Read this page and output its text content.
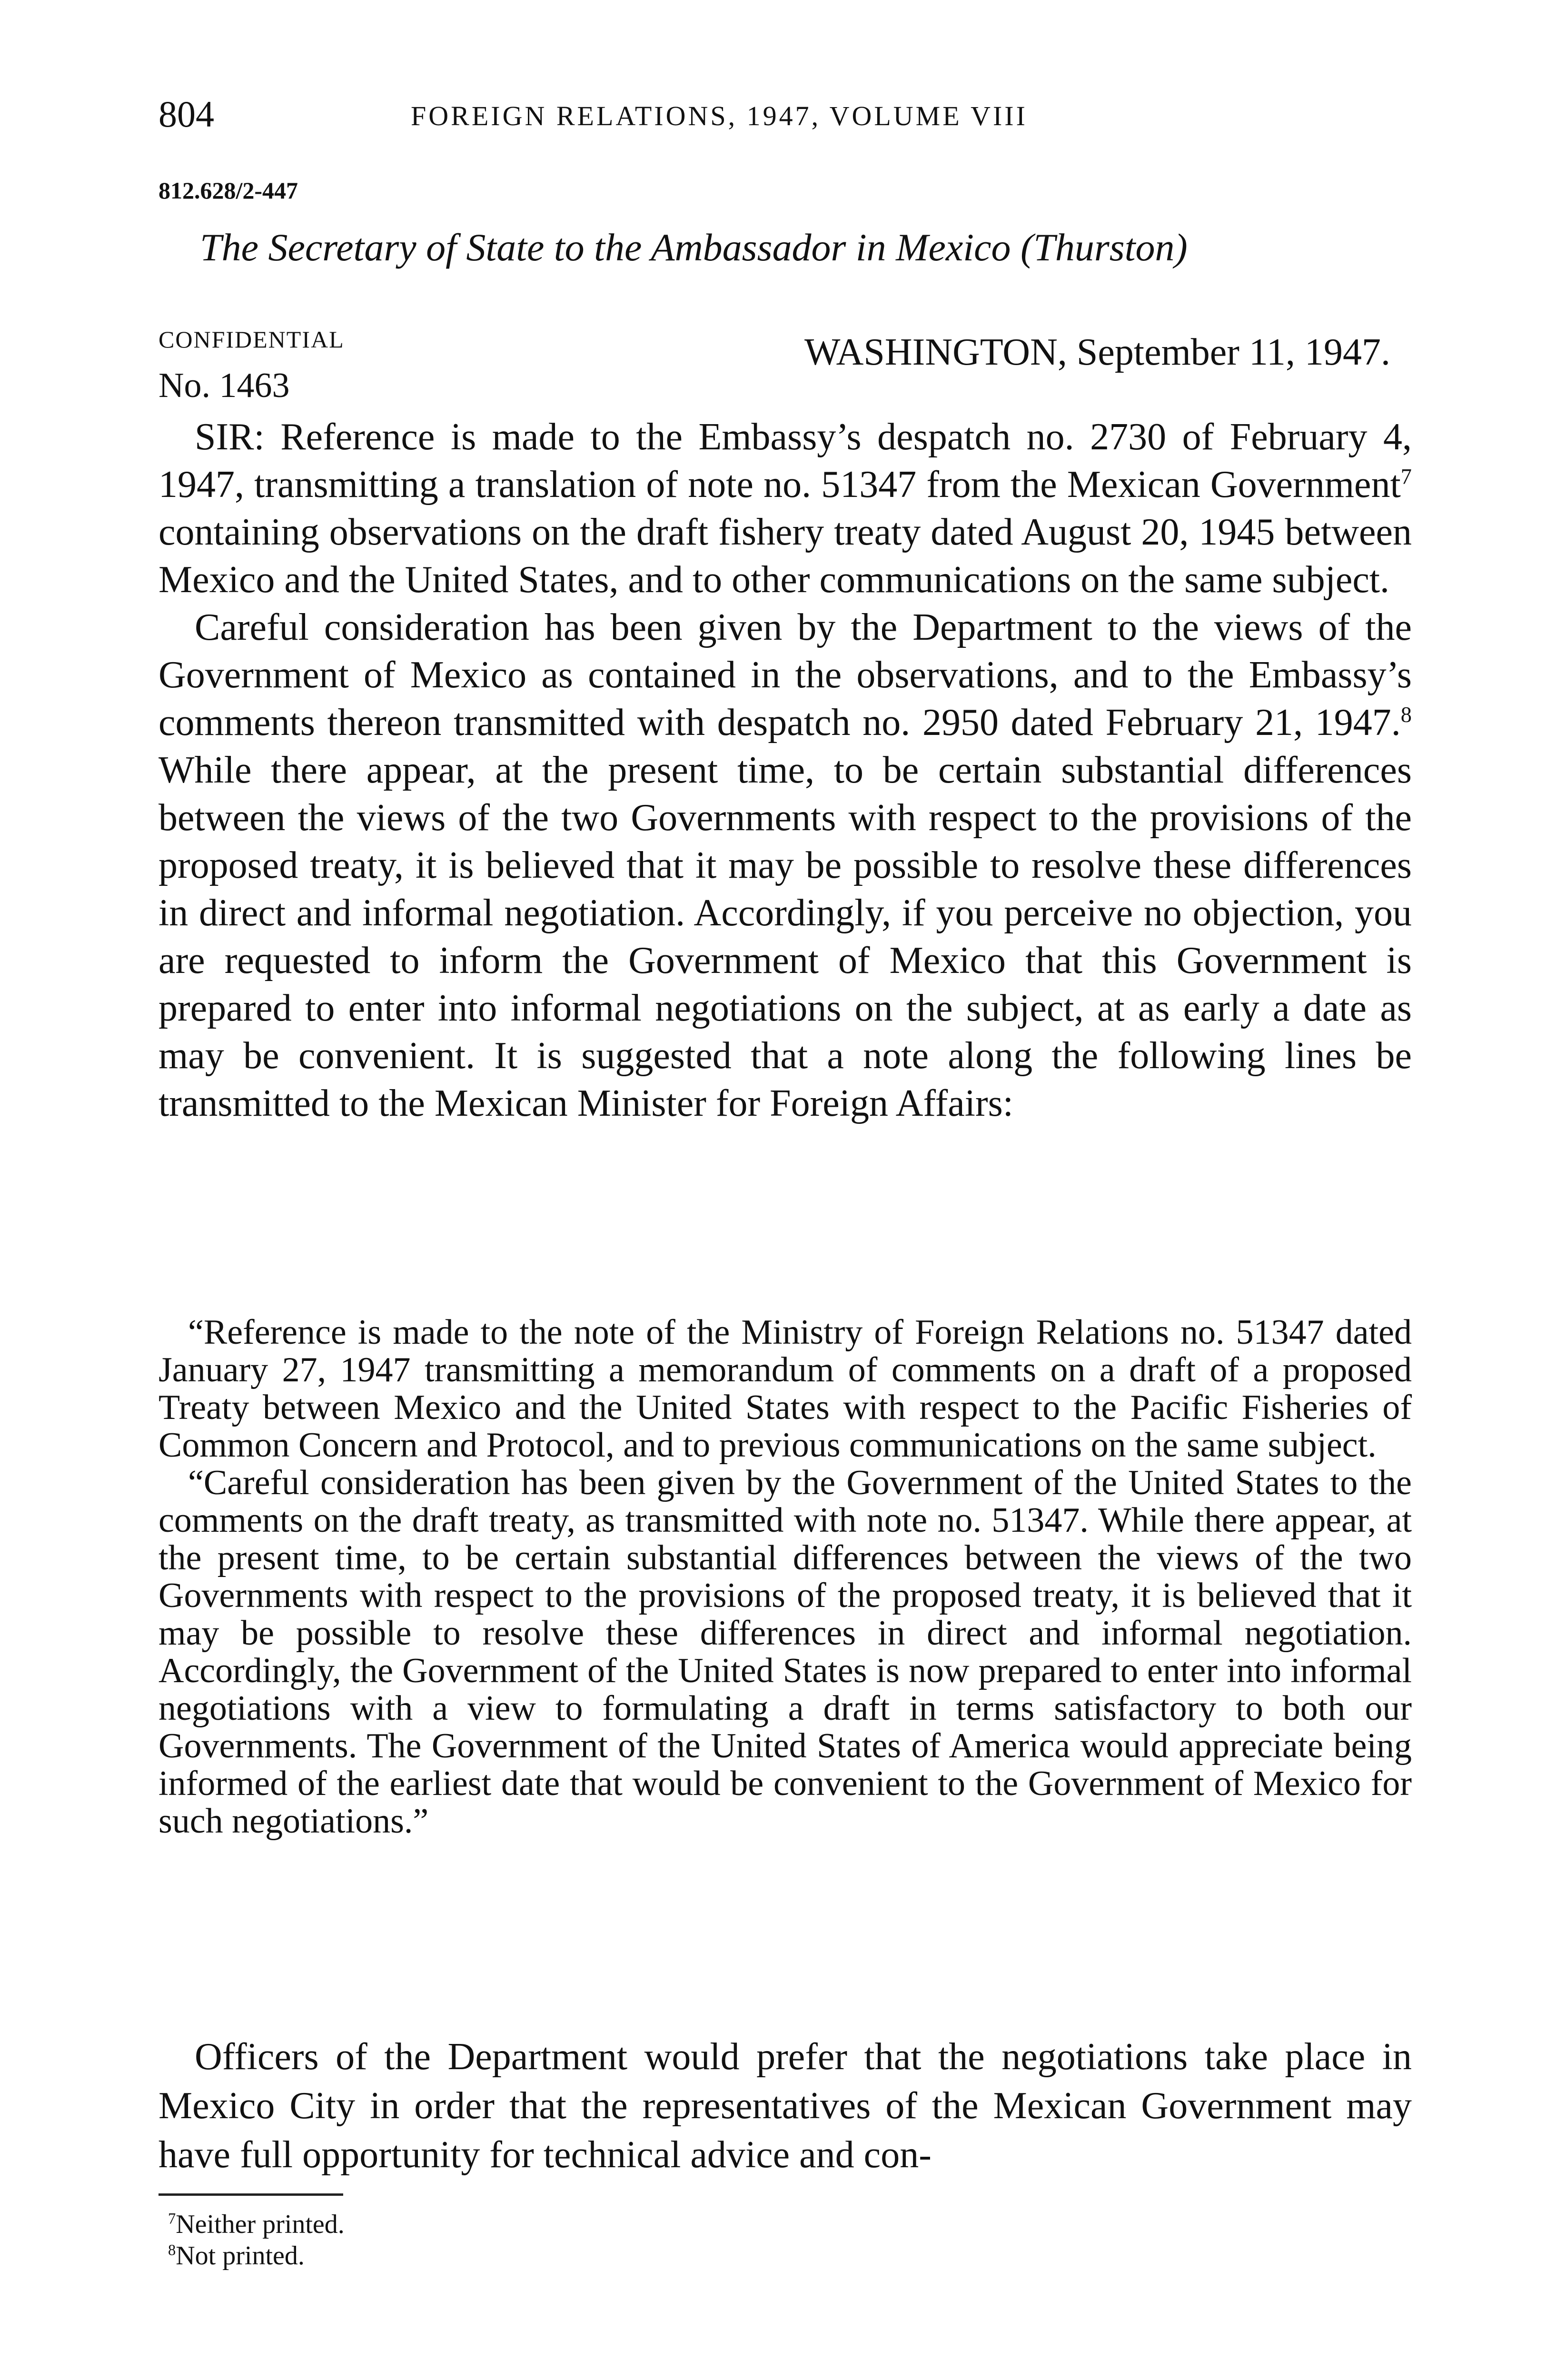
804	FOREIGN RELATIONS, 1947, VOLUME VIII
812.628/2-447
The Secretary of State to the Ambassador in Mexico (Thurston)
CONFIDENTIAL	WASHINGTON, September 11, 1947.
No. 1463

SIR: Reference is made to the Embassy’s despatch no. 2730 of February 4, 1947, transmitting a translation of note no. 51347 from the Mexican Government$^7$ containing observations on the draft fishery treaty dated August 20, 1945 between Mexico and the United States, and to other communications on the same subject.

Careful consideration has been given by the Department to the views of the Government of Mexico as contained in the observations, and to the Embassy’s comments thereon transmitted with despatch no. 2950 dated February 21, 1947.$^8$ While there appear, at the present time, to be certain substantial differences between the views of the two Governments with respect to the provisions of the proposed treaty, it is believed that it may be possible to resolve these differences in direct and informal negotiation. Accordingly, if you perceive no objection, you are requested to inform the Government of Mexico that this Government is prepared to enter into informal negotiations on the subject, at as early a date as may be convenient. It is suggested that a note along the following lines be transmitted to the Mexican Minister for Foreign Affairs:

“Reference is made to the note of the Ministry of Foreign Relations no. 51347 dated January 27, 1947 transmitting a memorandum of comments on a draft of a proposed Treaty between Mexico and the United States with respect to the Pacific Fisheries of Common Concern and Protocol, and to previous communications on the same subject.

“Careful consideration has been given by the Government of the United States to the comments on the draft treaty, as transmitted with note no. 51347. While there appear, at the present time, to be certain substantial differences between the views of the two Governments with respect to the provisions of the proposed treaty, it is believed that it may be possible to resolve these differences in direct and informal negotiation. Accordingly, the Government of the United States is now prepared to enter into informal negotiations with a view to formulating a draft in terms satisfactory to both our Governments. The Government of the United States of America would appreciate being informed of the earliest date that would be convenient to the Government of Mexico for such negotiations.”

Officers of the Department would prefer that the negotiations take place in Mexico City in order that the representatives of the Mexican Government may have full opportunity for technical advice and con-

$^7$Neither printed.
$^8$Not printed.
